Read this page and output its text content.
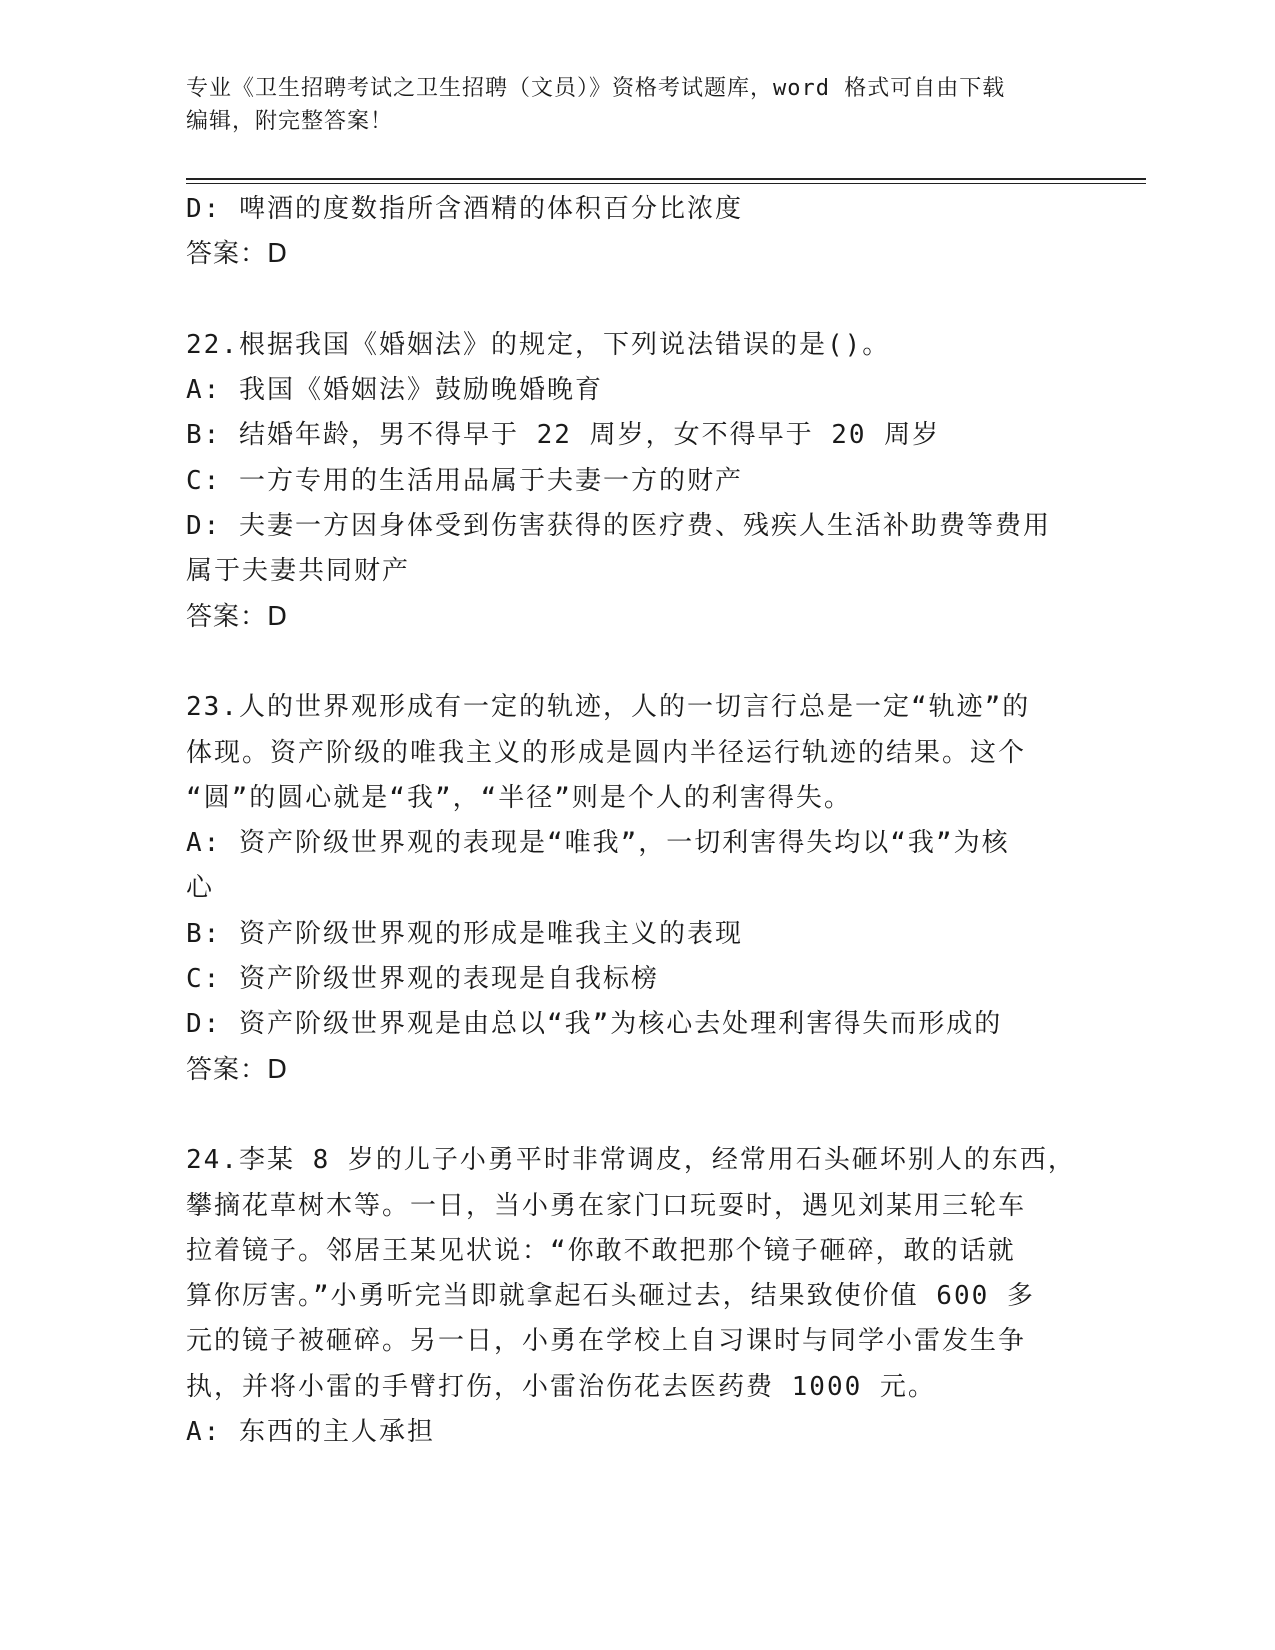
专业《卫生招聘考试之卫生招聘（文员）》资格考试题库，word 格式可自由下载
编辑，附完整答案！
D: 啤酒的度数指所含酒精的体积百分比浓度
答案：D
22.根据我国《婚姻法》的规定，下列说法错误的是()。
A: 我国《婚姻法》鼓励晚婚晚育
B: 结婚年龄，男不得早于 22 周岁，女不得早于 20 周岁
C: 一方专用的生活用品属于夫妻一方的财产
D: 夫妻一方因身体受到伤害获得的医疗费、残疾人生活补助费等费用
属于夫妻共同财产
答案：D
23.人的世界观形成有一定的轨迹，人的一切言行总是一定“轨迹”的
体现。资产阶级的唯我主义的形成是圆内半径运行轨迹的结果。这个
“圆”的圆心就是“我”，“半径”则是个人的利害得失。
A: 资产阶级世界观的表现是“唯我”，一切利害得失均以“我”为核
心
B: 资产阶级世界观的形成是唯我主义的表现
C: 资产阶级世界观的表现是自我标榜
D: 资产阶级世界观是由总以“我”为核心去处理利害得失而形成的
答案：D
24.李某 8 岁的儿子小勇平时非常调皮，经常用石头砸坏别人的东西，
攀摘花草树木等。一日，当小勇在家门口玩耍时，遇见刘某用三轮车
拉着镜子。邻居王某见状说：“你敢不敢把那个镜子砸碎，敢的话就
算你厉害。”小勇听完当即就拿起石头砸过去，结果致使价值 600 多
元的镜子被砸碎。另一日，小勇在学校上自习课时与同学小雷发生争
执，并将小雷的手臂打伤，小雷治伤花去医药费 1000 元。
A: 东西的主人承担
